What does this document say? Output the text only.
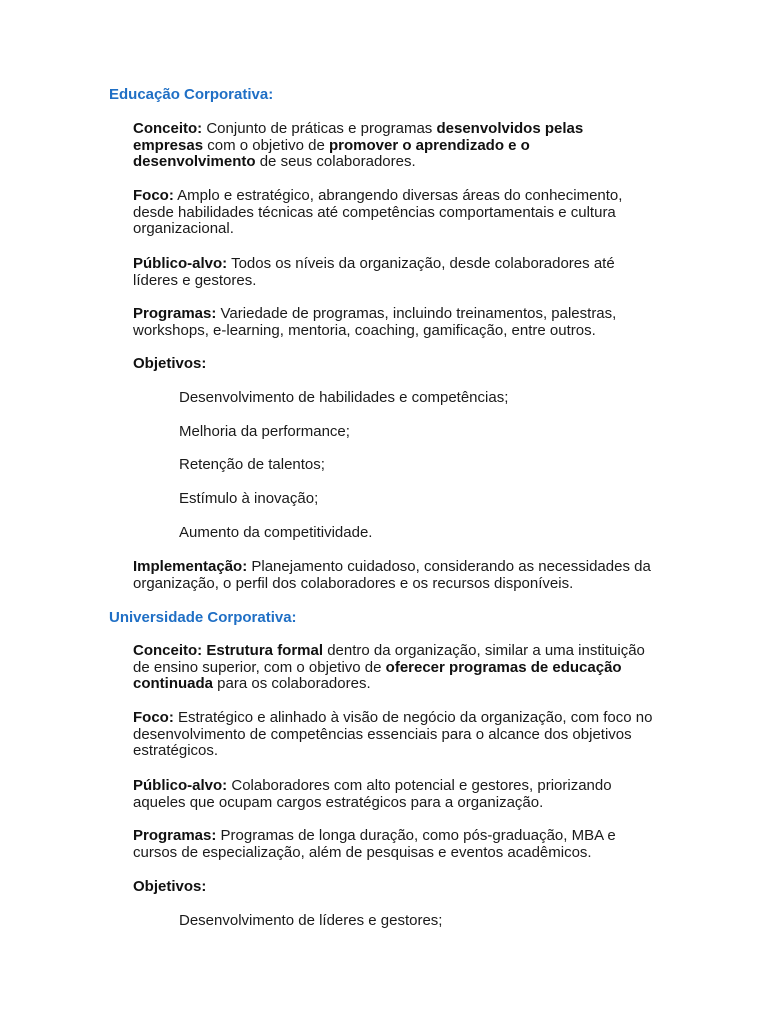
Educação Corporativa:
Conceito: Conjunto de práticas e programas desenvolvidos pelas empresas com o objetivo de promover o aprendizado e o desenvolvimento de seus colaboradores.
Foco: Amplo e estratégico, abrangendo diversas áreas do conhecimento, desde habilidades técnicas até competências comportamentais e cultura organizacional.
Público-alvo: Todos os níveis da organização, desde colaboradores até líderes e gestores.
Programas: Variedade de programas, incluindo treinamentos, palestras, workshops, e-learning, mentoria, coaching, gamificação, entre outros.
Objetivos:
Desenvolvimento de habilidades e competências;
Melhoria da performance;
Retenção de talentos;
Estímulo à inovação;
Aumento da competitividade.
Implementação: Planejamento cuidadoso, considerando as necessidades da organização, o perfil dos colaboradores e os recursos disponíveis.
Universidade Corporativa:
Conceito: Estrutura formal dentro da organização, similar a uma instituição de ensino superior, com o objetivo de oferecer programas de educação continuada para os colaboradores.
Foco: Estratégico e alinhado à visão de negócio da organização, com foco no desenvolvimento de competências essenciais para o alcance dos objetivos estratégicos.
Público-alvo: Colaboradores com alto potencial e gestores, priorizando aqueles que ocupam cargos estratégicos para a organização.
Programas: Programas de longa duração, como pós-graduação, MBA e cursos de especialização, além de pesquisas e eventos acadêmicos.
Objetivos:
Desenvolvimento de líderes e gestores;
